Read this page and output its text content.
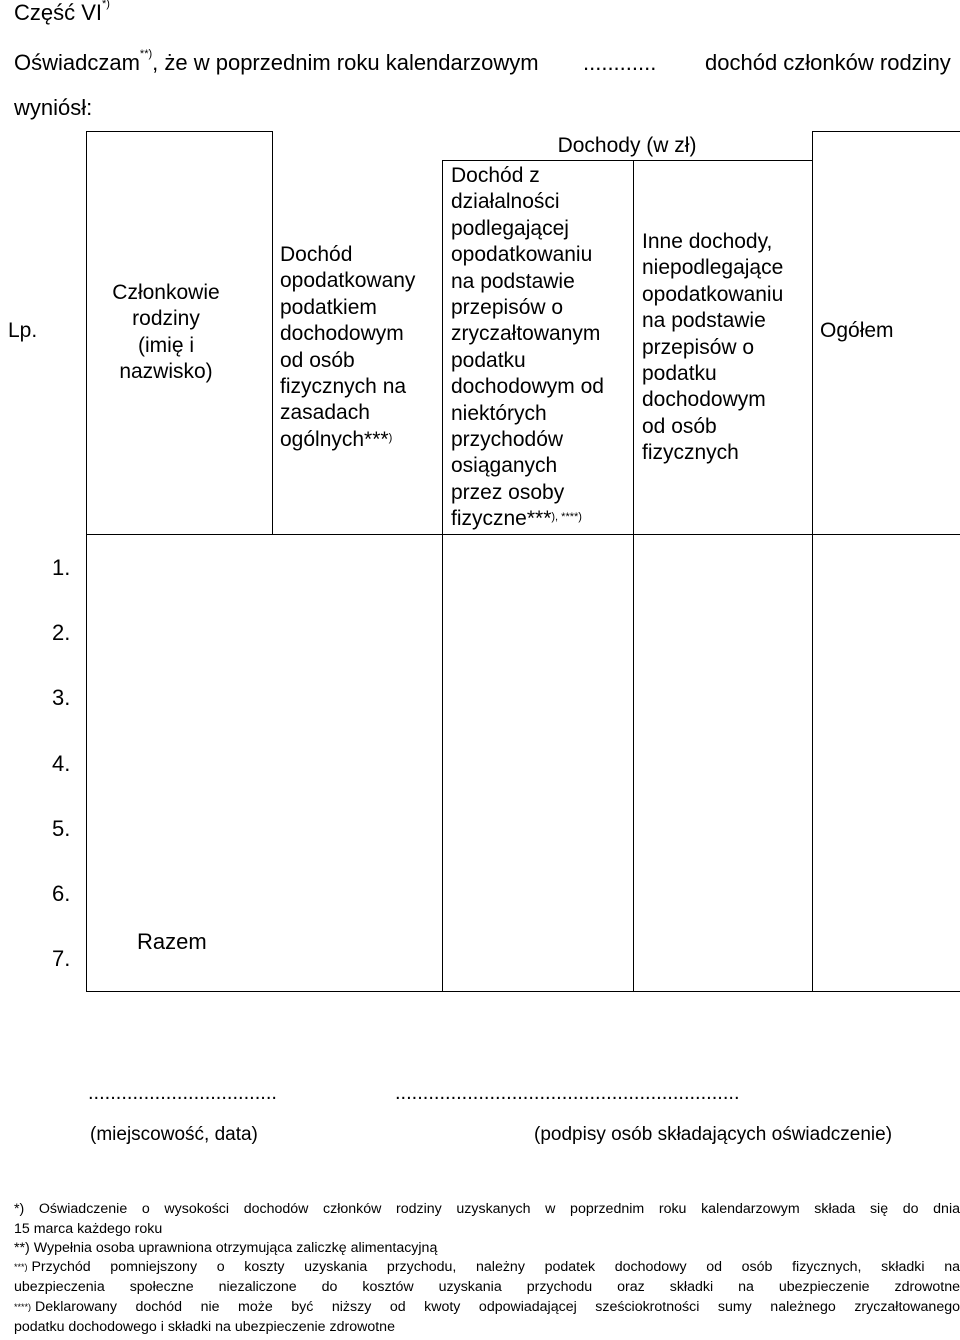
Część VI*)
Oświadczam**), że w poprzednim roku kalendarzowym ............ dochód członków rodziny
wyniósł:
Lp.
Członkowie
rodziny
(imię i
nazwisko)
Dochód
opodatkowany
podatkiem
dochodowym
od osób
fizycznych na
zasadach
ogólnych***)
Dochody (w zł)
Dochód z
działalności
podlegającej
opodatkowaniu
na podstawie
przepisów o
zryczałtowanym
podatku
dochodowym od
niektórych
przychodów
osiąganych
przez osoby
fizyczne***), ****)
Inne dochody,
niepodlegające
opodatkowaniu
na podstawie
przepisów o
podatku
dochodowym
od osób
fizycznych
Ogółem
1.
2.
3.
4.
5.
6.
7.
Razem
..................................	..............................................................
(miejscowość, data)	(podpisy osób składających oświadczenie)
*) Oświadczenie o wysokości dochodów członków rodziny uzyskanych w poprzednim roku kalendarzowym składa się do dnia
15 marca każdego roku
**) Wypełnia osoba uprawniona otrzymująca zaliczkę alimentacyjną
***)
Przychód pomniejszony o koszty uzyskania przychodu, należny podatek dochodowy od osób fizycznych, składki na
ubezpieczenia społeczne niezaliczone do kosztów uzyskania przychodu oraz składki na ubezpieczenie zdrowotne
****) Deklarowany dochód nie może być niższy od kwoty odpowiadającej sześciokrotności sumy należnego zryczałtowanego
podatku dochodowego i składki na ubezpieczenie zdrowotne
